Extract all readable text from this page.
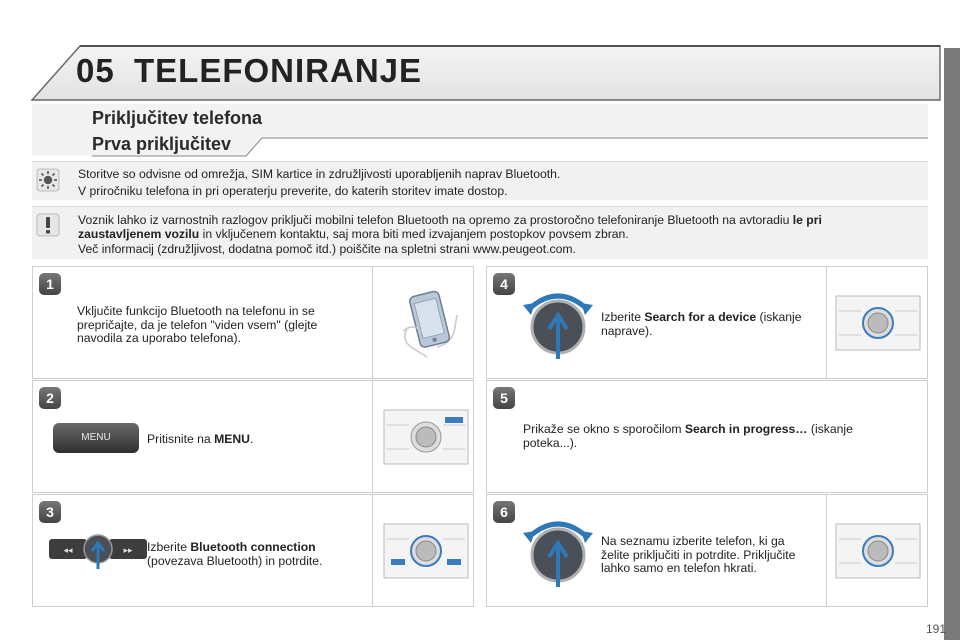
05 TELEFONIRANJE
Priključitev telefona
Prva priključitev
Storitve so odvisne od omrežja, SIM kartice in združljivosti uporabljenih naprav Bluetooth.
V priročniku telefona in pri operaterju preverite, do katerih storitev imate dostop.
Voznik lahko iz varnostnih razlogov priključi mobilni telefon Bluetooth na opremo za prostoročno telefoniranje Bluetooth na avtoradiu le pri
zaustavljenem vozilu in vključenem kontaktu, saj mora biti med izvajanjem postopkov povsem zbran.
Več informacij (združljivost, dodatna pomoč itd.) poiščite na spletni strani www.peugeot.com.
1
Vključite funkcijo Bluetooth na telefonu in se
prepričajte, da je telefon "viden vsem" (glejte
navodila za uporabo telefona).
2
MENU	Pritisnite na MENU.
3
◂◂	▸▸ Izberite Bluetooth connection
(povezava Bluetooth) in potrdite.
4
Izberite Search for a device (iskanje
naprave).
5
Prikaže se okno s sporočilom Search in progress… (iskanje
poteka...).
6
Na seznamu izberite telefon, ki ga
želite priključiti in potrdite. Priključite
lahko samo en telefon hkrati.
191
